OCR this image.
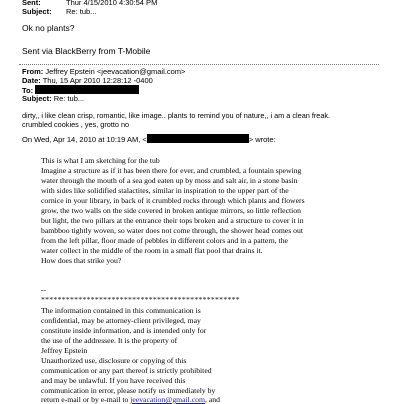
Sent:	Thur 4/15/2010 4:30:54 PM
Subject: Re: tub...
Ok no plants?
Sent via BlackBerry from T-Mobile
From: Jeffrey Epstein <jeevacation@gmail.com>
Date: Thu, 15 Apr 2010 12:28:12 -0400
To:
Subject: Re: tub...
dirty,, i like clean crisp, romantic, like image.. plants to remind you of nature,, i am a clean freak.
crumbled cookies , yes, grotto no
On Wed, Apr 14, 2010 at 10:19 AM, <	> wrote:
This is what I am sketching for the tub
Imagine a structure as if it has been there for ever, and crumbled, a fountain spewing
water through the mouth of a sea god eaten up by moss and salt air, in a stone basin
with sides like solidified stalactites, similar in inspiration to the upper part of the
cornice in your library, in back of it crumbled rocks through which plants and flowers
grow, the two walls on the side covered in broken antique mirrors, so little reflection
but light, the two pillars at the entrance their tops broken and a structure to cover it in
bambboo tightly woven, so water does not come through, the shower head comes out
from the left pillar, floor made of pebbles in different colors and in a pattern, the
water collect in the middle of the room in a small flat pool that drains it.
How does that strike you?
--
************************************************
The information contained in this communication is
confidential, may be attorney-client privileged, may
constitute inside information, and is intended only for
the use of the addressee. It is the property of
Jeffrey Epstein
Unauthorized use, disclosure or copying of this
communication or any part thereof is strictly prohibited
and may be unlawful. If you have received this
communication in error, please notify us immediately by
return e-mail or by e-mail to jeevacation@gmail.com, and
